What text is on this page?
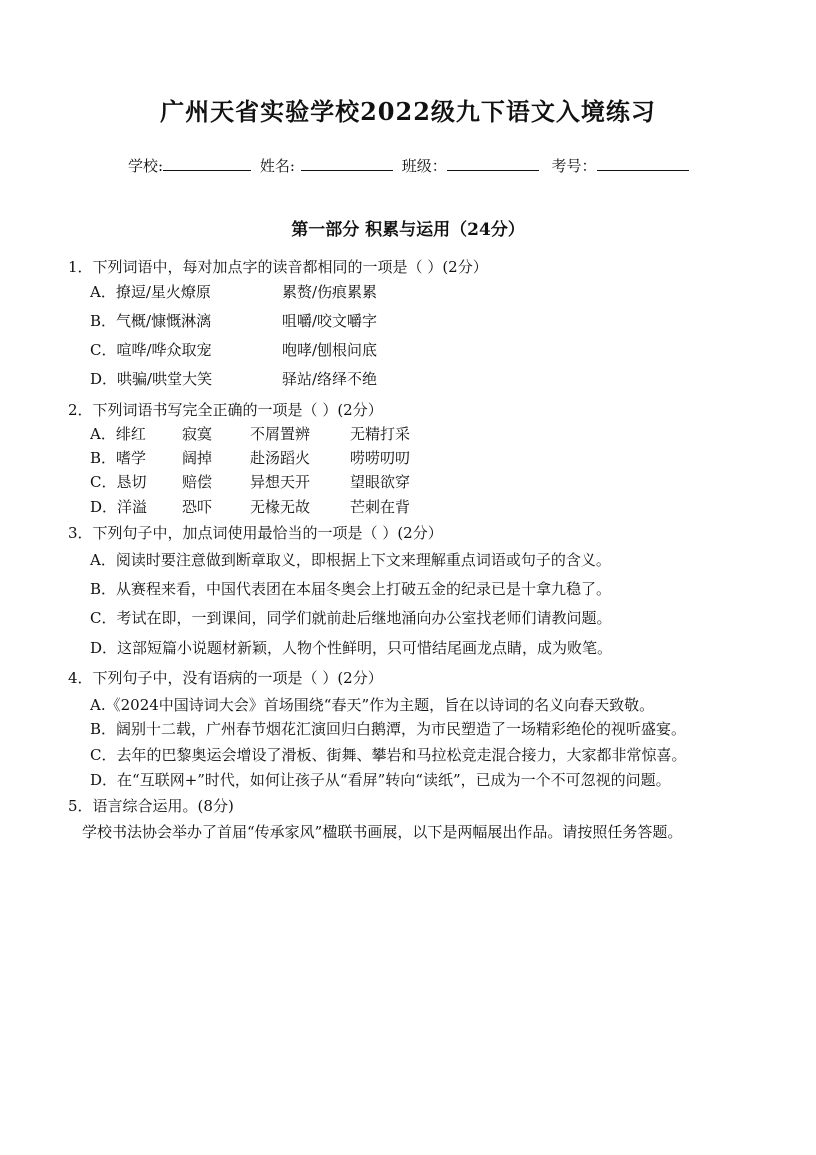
广州天省实验学校2022级九下语文入境练习
学校:	姓名:	班级：	考号：
第一部分 积累与运用（24分）
1．下列词语中，每对加点字的读音都相同的一项是（ ）(2分）
A．撩逗/星火燎原	累赘/伤痕累累
B．气概/慷慨淋漓	咀嚼/咬文嚼字
C．喧哗/哗众取宠	咆哮/刨根问底
D．哄骗/哄堂大笑	驿站/络绎不绝
2．下列词语书写完全正确的一项是（ ）(2分）
A．绯红 寂寞	不屑置辨	无精打采
B．嗜学 阔掉	赴汤蹈火	唠唠叨叨
C．恳切 赔偿	异想天开	望眼欲穿
D．洋溢 恐吓	无椽无故	芒刺在背
3．下列句子中，加点词使用最恰当的一项是（ ）(2分）
A．阅读时要注意做到断章取义，即根据上下文来理解重点词语或句子的含义。
B．从赛程来看，中国代表团在本届冬奥会上打破五金的纪录已是十拿九稳了。
C．考试在即，一到课间，同学们就前赴后继地涌向办公室找老师们请教问题。
D．这部短篇小说题材新颖，人物个性鲜明，只可惜结尾画龙点睛，成为败笔。
4．下列句子中，没有语病的一项是（ ）(2分）
A.《2024中国诗词大会》首场围绕“春天”作为主题，旨在以诗词的名义向春天致敬。
B．阔别十二载，广州春节烟花汇演回归白鹅潭，为市民塑造了一场精彩绝伦的视听盛宴。
C．去年的巴黎奥运会增设了滑板、街舞、攀岩和马拉松竞走混合接力，大家都非常惊喜。
D．在“互联网+”时代，如何让孩子从“看屏”转向“读纸”，已成为一个不可忽视的问题。
5．语言综合运用。(8分)
学校书法协会举办了首届“传承家风”楹联书画展，以下是两幅展出作品。请按照任务答题。
